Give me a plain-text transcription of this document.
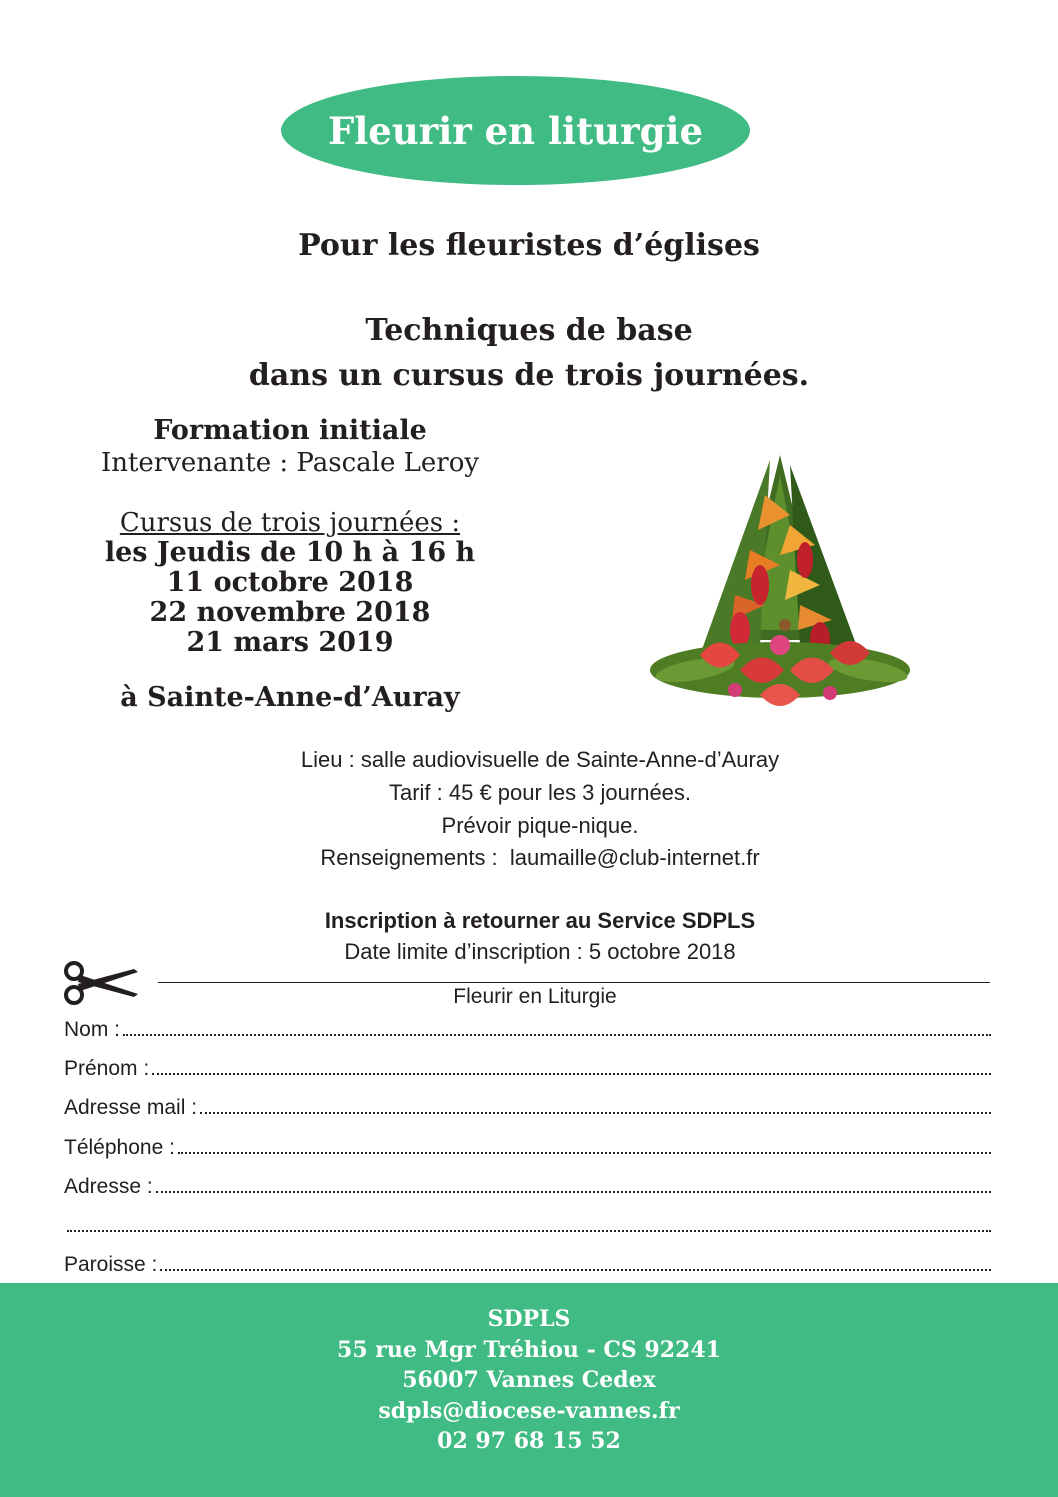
Fleurir en liturgie
Pour les fleuristes d’églises
Techniques de base
dans un cursus de trois journées.
Formation initiale
Intervenante : Pascale Leroy
Cursus de trois journées :
les Jeudis de 10 h à 16 h
11 octobre 2018
22 novembre 2018
21 mars 2019
à Sainte-Anne-d’Auray
Lieu : salle audiovisuelle de Sainte-Anne-d’Auray
Tarif : 45 € pour les 3 journées.
Prévoir pique-nique.
Renseignements :  laumaille@club-internet.fr
Inscription à retourner au Service SDPLS
Date limite d’inscription : 5 octobre 2018
Fleurir en Liturgie
Nom :
Prénom :
Adresse mail :
Téléphone :
Adresse :
Paroisse :
SDPLS
55 rue Mgr Tréhiou - CS 92241
56007 Vannes Cedex
sdpls@diocese-vannes.fr
02 97 68 15 52
